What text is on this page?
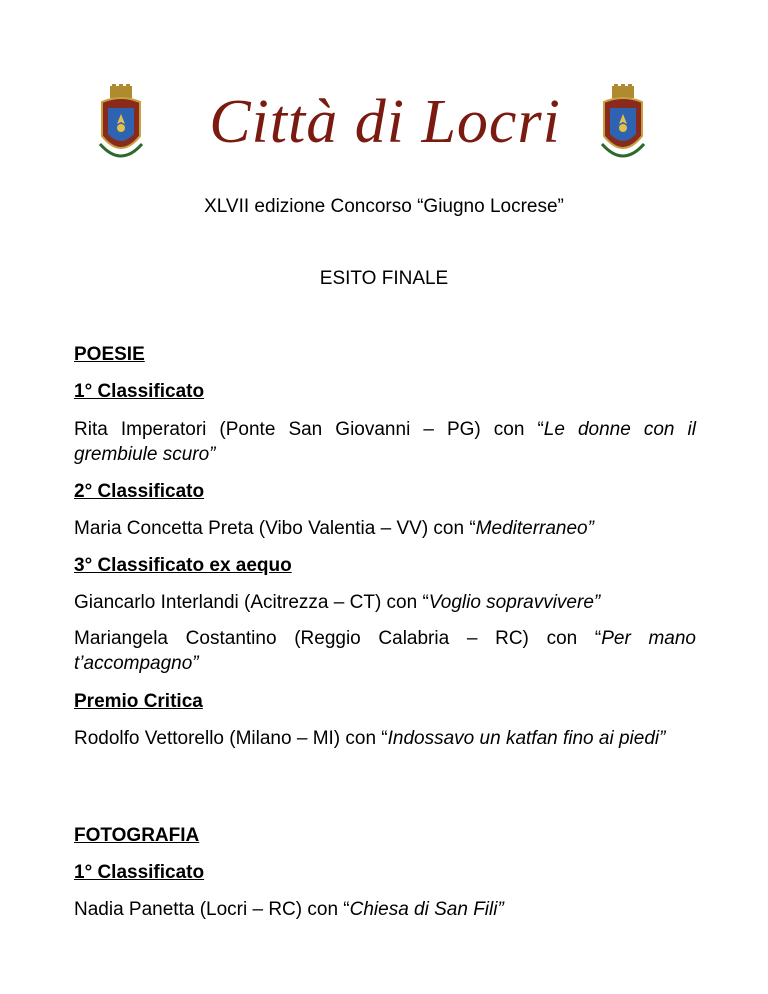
Città di Locri
XLVII edizione Concorso “Giugno Locrese”
ESITO FINALE
POESIE
1° Classificato
Rita Imperatori (Ponte San Giovanni – PG) con “Le donne con il grembiule scuro”
2° Classificato
Maria Concetta Preta (Vibo Valentia – VV) con “Mediterraneo”
3° Classificato ex aequo
Giancarlo Interlandi (Acitrezza – CT) con “Voglio sopravvivere”
Mariangela Costantino (Reggio Calabria – RC) con “Per mano t’accompagno”
Premio Critica
Rodolfo Vettorello (Milano – MI) con “Indossavo un katfan fino ai piedi”
FOTOGRAFIA
1° Classificato
Nadia Panetta (Locri – RC) con “Chiesa di San Fili”
